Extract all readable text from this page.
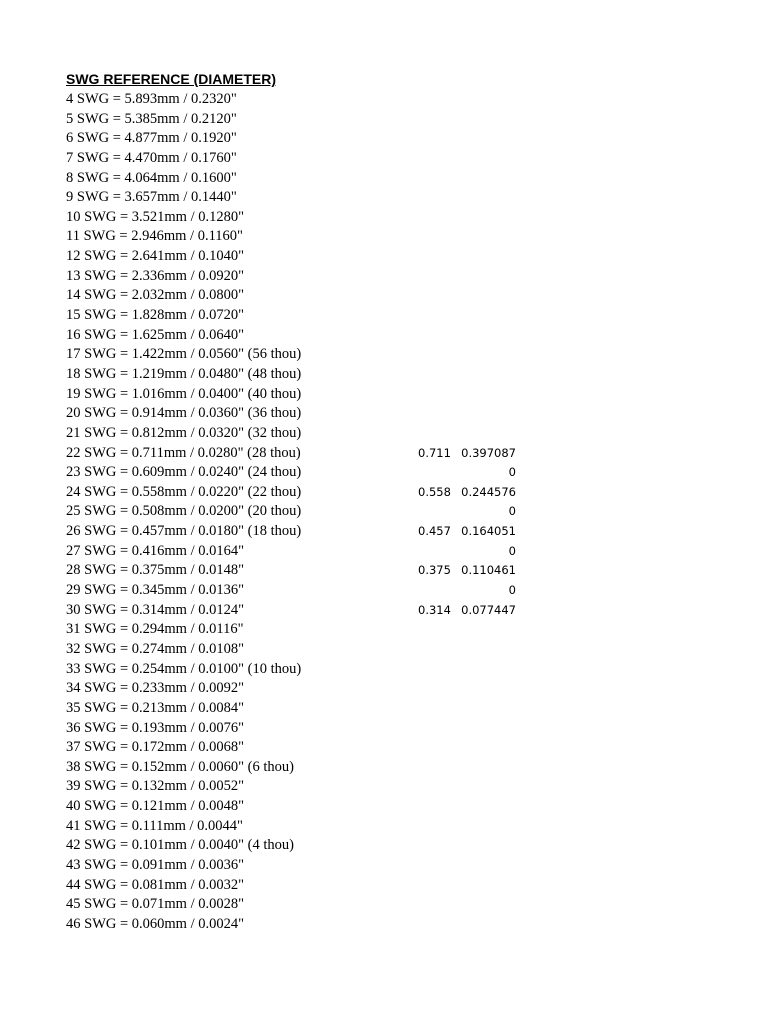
SWG REFERENCE (DIAMETER)
4 SWG = 5.893mm / 0.2320"
5 SWG = 5.385mm / 0.2120"
6 SWG = 4.877mm / 0.1920"
7 SWG = 4.470mm / 0.1760"
8 SWG = 4.064mm / 0.1600"
9 SWG = 3.657mm / 0.1440"
10 SWG = 3.521mm / 0.1280"
11 SWG = 2.946mm / 0.1160"
12 SWG = 2.641mm / 0.1040"
13 SWG = 2.336mm / 0.0920"
14 SWG = 2.032mm / 0.0800"
15 SWG = 1.828mm / 0.0720"
16 SWG = 1.625mm / 0.0640"
17 SWG = 1.422mm / 0.0560" (56 thou)
18 SWG = 1.219mm / 0.0480" (48 thou)
19 SWG = 1.016mm / 0.0400" (40 thou)
20 SWG = 0.914mm / 0.0360" (36 thou)
21 SWG = 0.812mm / 0.0320" (32 thou)
22 SWG = 0.711mm / 0.0280" (28 thou)	0.711 0.397087
23 SWG = 0.609mm / 0.0240" (24 thou)	0
24 SWG = 0.558mm / 0.0220" (22 thou)	0.558 0.244576
25 SWG = 0.508mm / 0.0200" (20 thou)	0
26 SWG = 0.457mm / 0.0180" (18 thou)	0.457 0.164051
27 SWG = 0.416mm / 0.0164"	0
28 SWG = 0.375mm / 0.0148"	0.375 0.110461
29 SWG = 0.345mm / 0.0136"	0
30 SWG = 0.314mm / 0.0124"	0.314 0.077447
31 SWG = 0.294mm / 0.0116"
32 SWG = 0.274mm / 0.0108"
33 SWG = 0.254mm / 0.0100" (10 thou)
34 SWG = 0.233mm / 0.0092"
35 SWG = 0.213mm / 0.0084"
36 SWG = 0.193mm / 0.0076"
37 SWG = 0.172mm / 0.0068"
38 SWG = 0.152mm / 0.0060" (6 thou)
39 SWG = 0.132mm / 0.0052"
40 SWG = 0.121mm / 0.0048"
41 SWG = 0.111mm / 0.0044"
42 SWG = 0.101mm / 0.0040" (4 thou)
43 SWG = 0.091mm / 0.0036"
44 SWG = 0.081mm / 0.0032"
45 SWG = 0.071mm / 0.0028"
46 SWG = 0.060mm / 0.0024"
